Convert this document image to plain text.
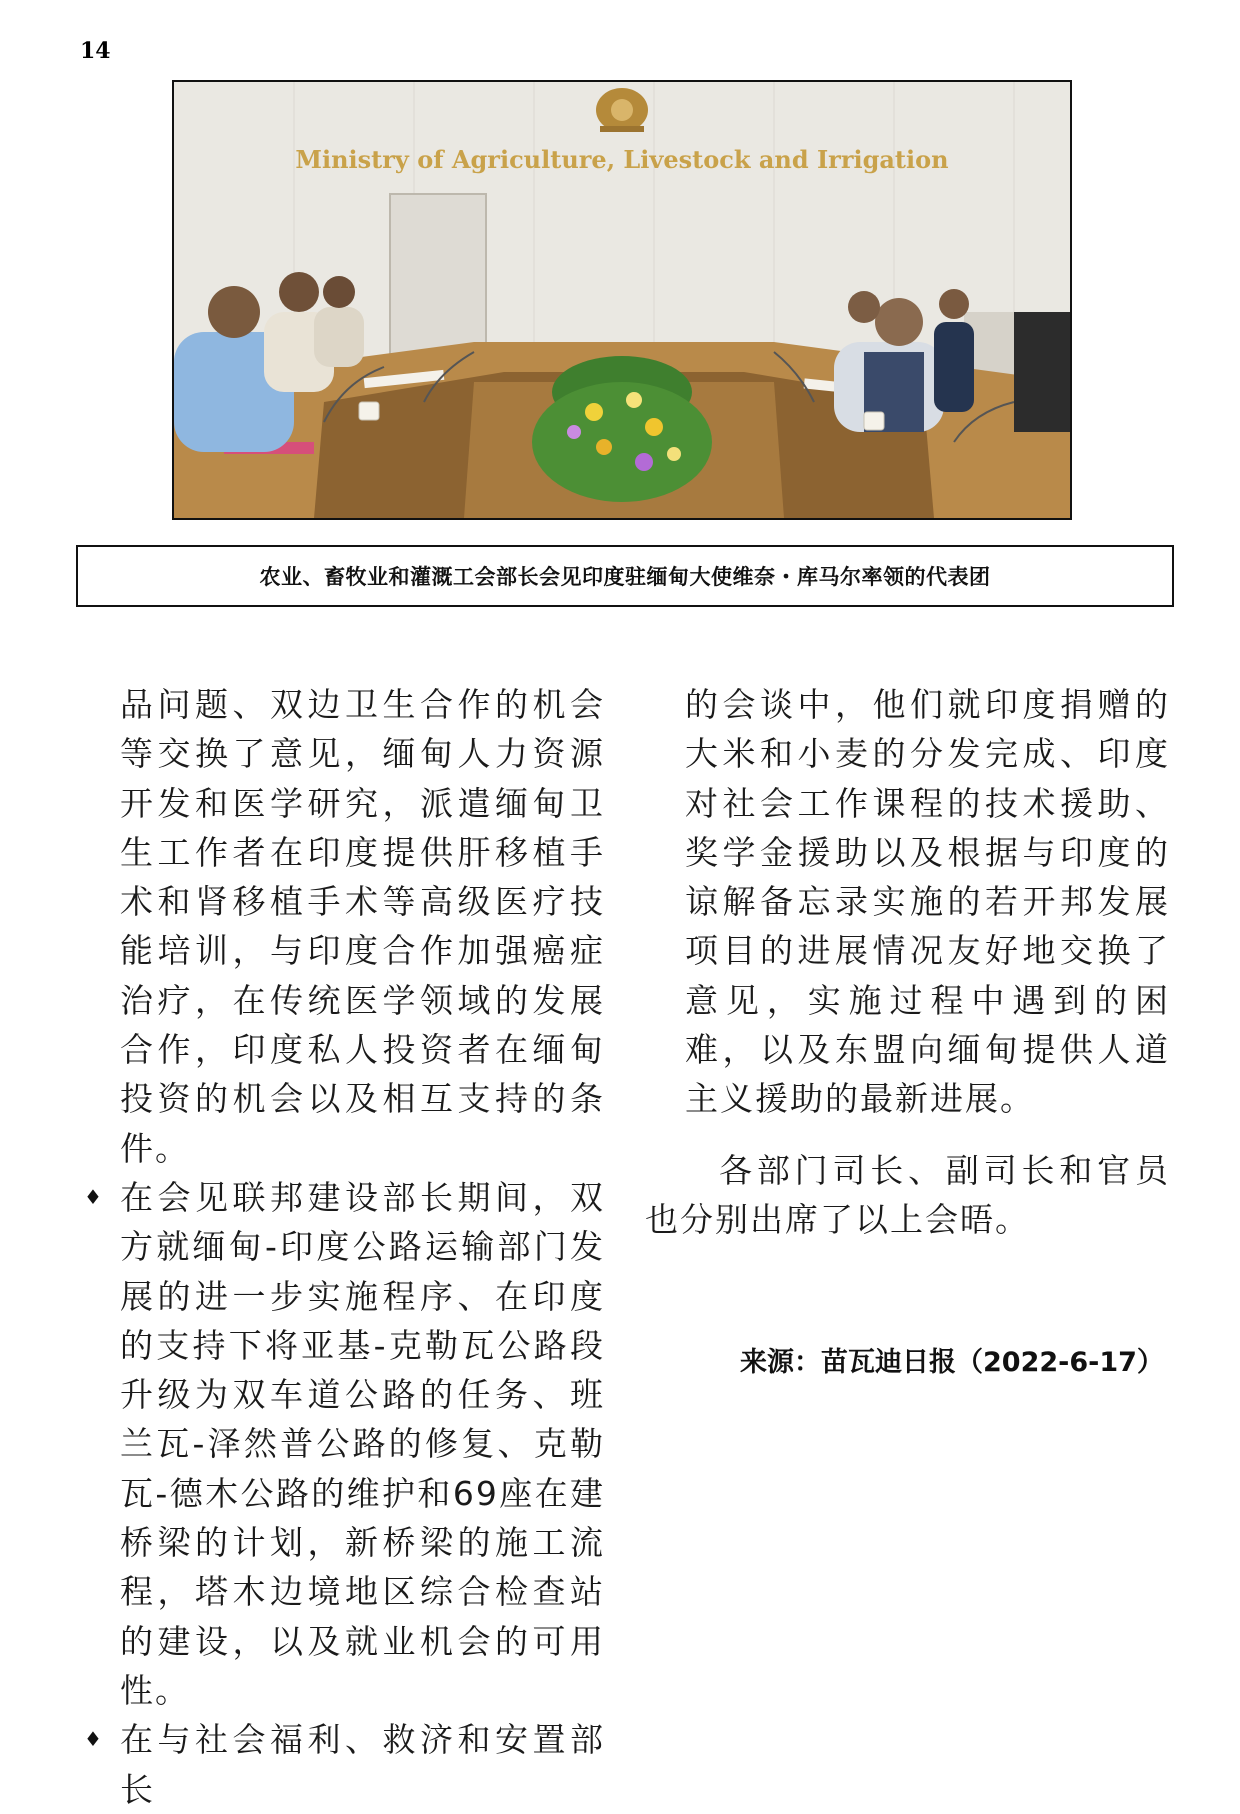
14
Ministry of Agriculture, Livestock and Irrigation
农业、畜牧业和灌溉工会部长会见印度驻缅甸大使维奈・库马尔率领的代表团

品问题、双边卫生合作的机会等交换了意见，缅甸人力资源开发和医学研究，派遣缅甸卫生工作者在印度提供肝移植手术和肾移植手术等高级医疗技能培训，与印度合作加强癌症治疗，在传统医学领域的发展合作，印度私人投资者在缅甸投资的机会以及相互支持的条件。

♦ 在会见联邦建设部长期间，双方就缅甸-印度公路运输部门发展的进一步实施程序、在印度的支持下将亚基-克勒瓦公路段升级为双车道公路的任务、班兰瓦-泽然普公路的修复、克勒瓦-德木公路的维护和69座在建桥梁的计划，新桥梁的施工流程，塔木边境地区综合检查站的建设，以及就业机会的可用性。

♦ 在与社会福利、救济和安置部长

的会谈中，他们就印度捐赠的大米和小麦的分发完成、印度对社会工作课程的技术援助、奖学金援助以及根据与印度的谅解备忘录实施的若开邦发展项目的进展情况友好地交换了意见，实施过程中遇到的困难，以及东盟向缅甸提供人道主义援助的最新进展。

各部门司长、副司长和官员也分别出席了以上会晤。

来源：苗瓦迪日报（2022-6-17）
